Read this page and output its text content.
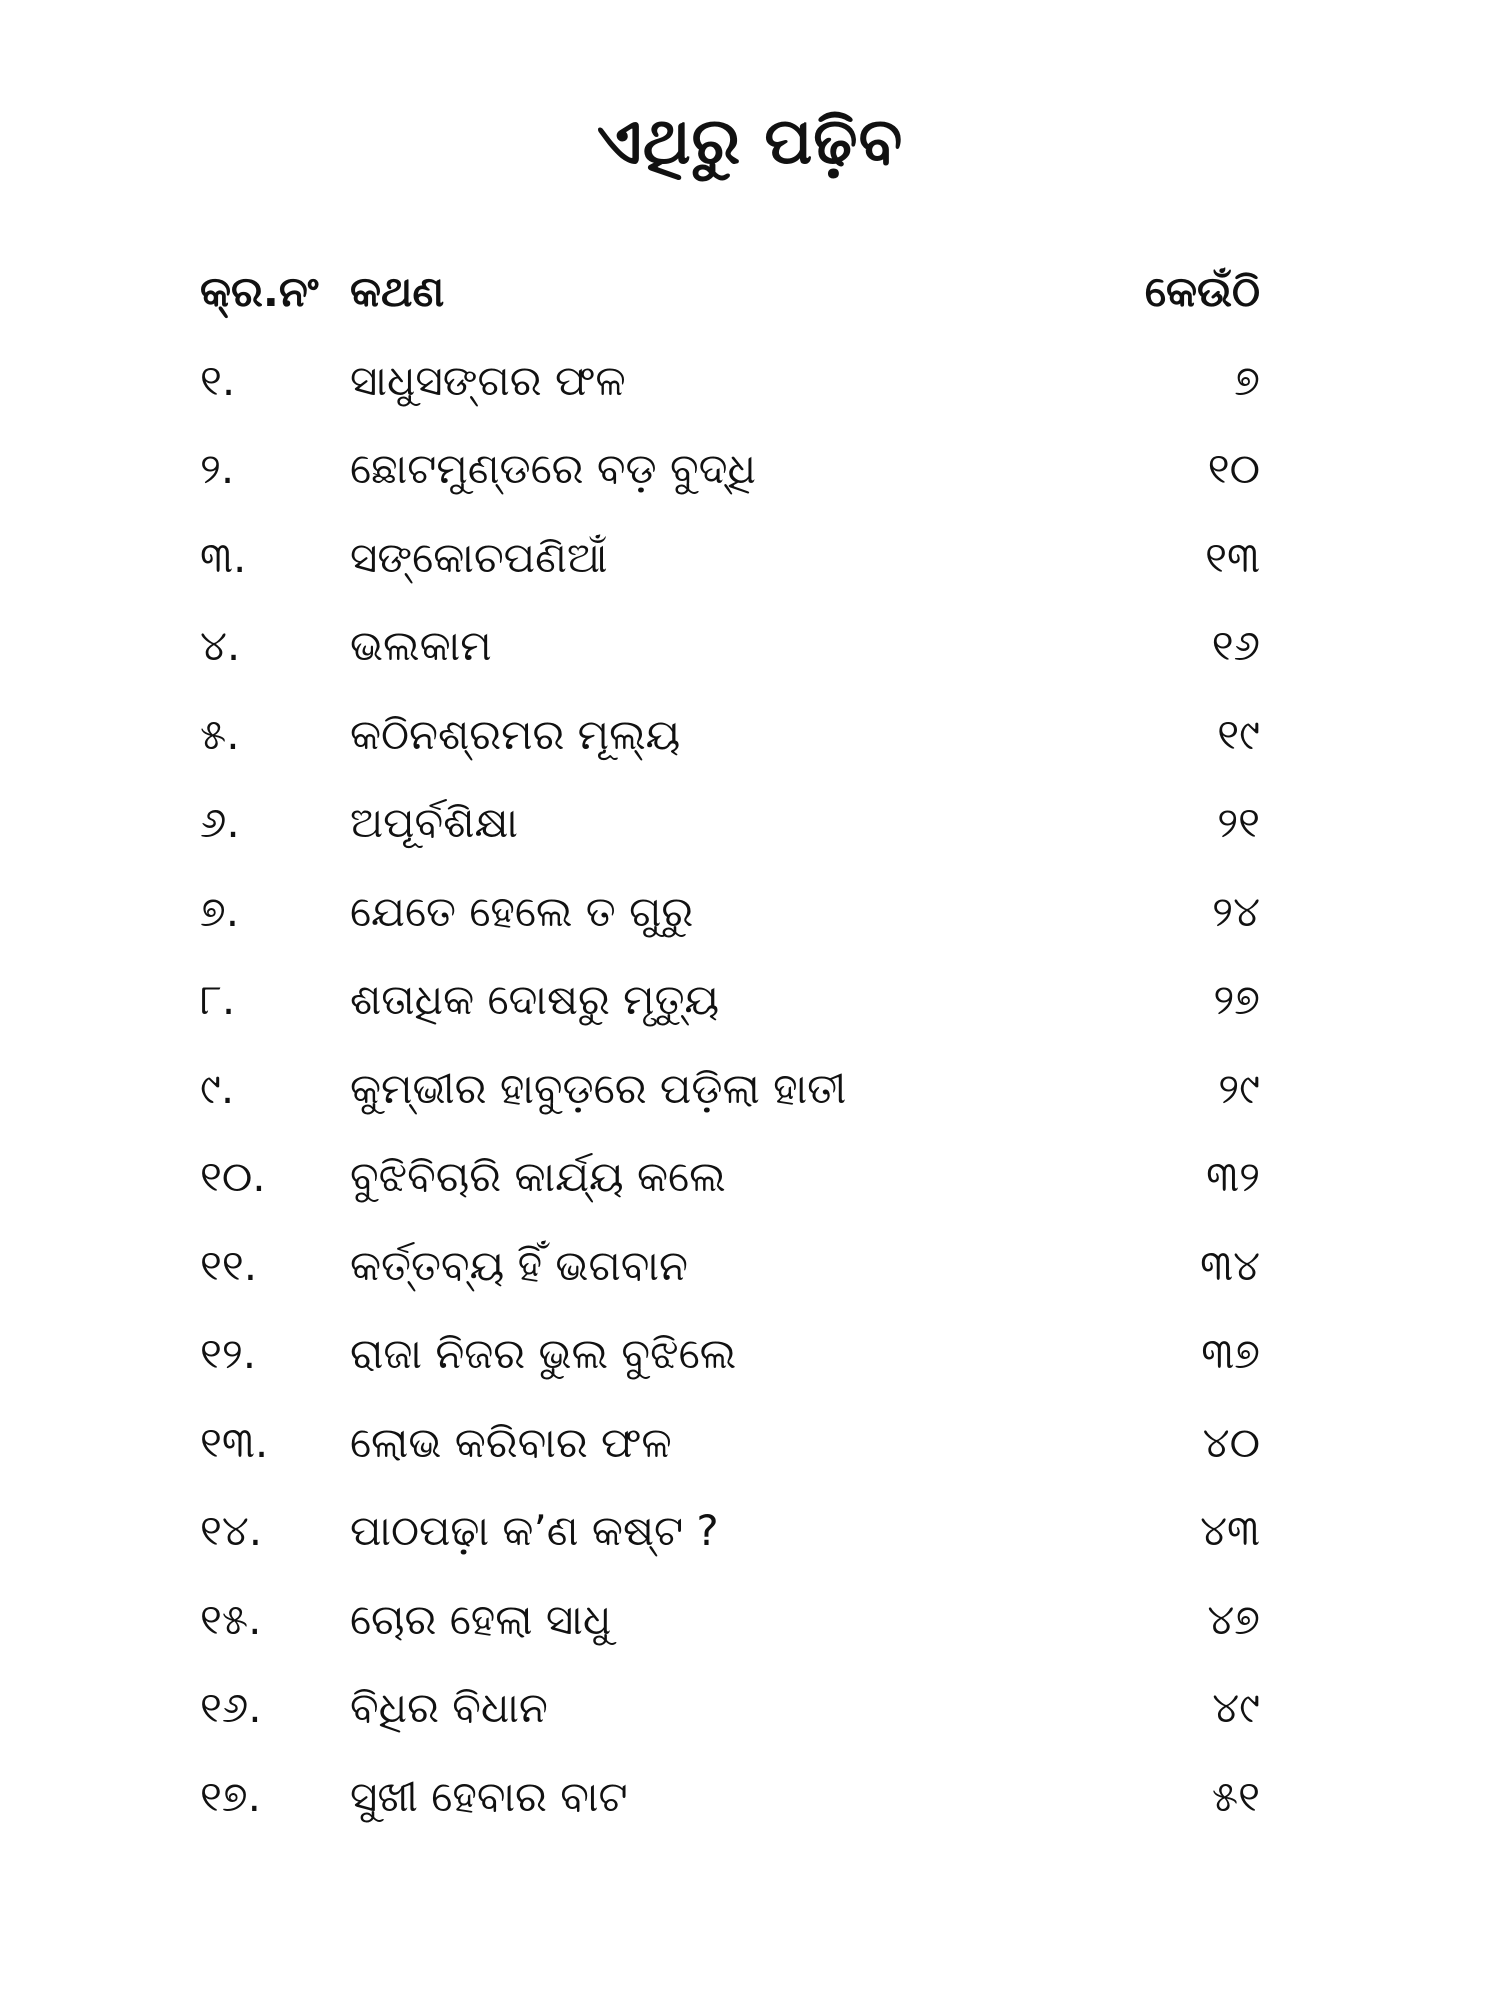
ଏଥିରୁ ପଢ଼ିବ
କ୍ର.ନଂ କଥଣ	କେଉଁଠି
୧.	ସାଧୁସଙ୍ଗର ଫଳ	୭
୨.	ଛୋଟମୁଣ୍ଡରେ ବଡ଼ ବୁଦ୍ଧି	୧୦
୩. ସଙ୍କୋଚପଣିଆଁ	୧୩
୪.	ଭଲକାମ	୧୬
୫.	କଠିନଶ୍ରମର ମୂଲ୍ୟ	୧୯
୬.	ଅପୂର୍ବଶିକ୍ଷା	୨୧
୭.	ଯେତେ ହେଲେ ତ ଗୁରୁ	୨୪
୮.	ଶତାଧିକ ଦୋଷରୁ ମୃତ୍ୟୁ	୨୭
୯.	କୁମ୍ଭୀର ହାବୁଡ଼ରେ ପଡ଼ିଲା ହାତୀ	୨୯
୧୦. ବୁଝିବିଚାରି କାର୍ଯ୍ୟ କଲେ	୩୨
୧୧. କର୍ତ୍ତବ୍ୟ ହିଁ ଭଗବାନ	୩୪
୧୨. ରାଜା ନିଜର ଭୁଲ ବୁଝିଲେ	୩୭
୧୩. ଲୋଭ କରିବାର ଫଳ	୪୦
୧୪. ପାଠପଢ଼ା କ’ଣ କଷ୍ଟ ?	୪୩
୧୫. ଚୋର ହେଲା ସାଧୁ	୪୭
୧୬. ବିଧିର ବିଧାନ	୪୯
୧୭. ସୁଖୀ ହେବାର ବାଟ	୫୧
